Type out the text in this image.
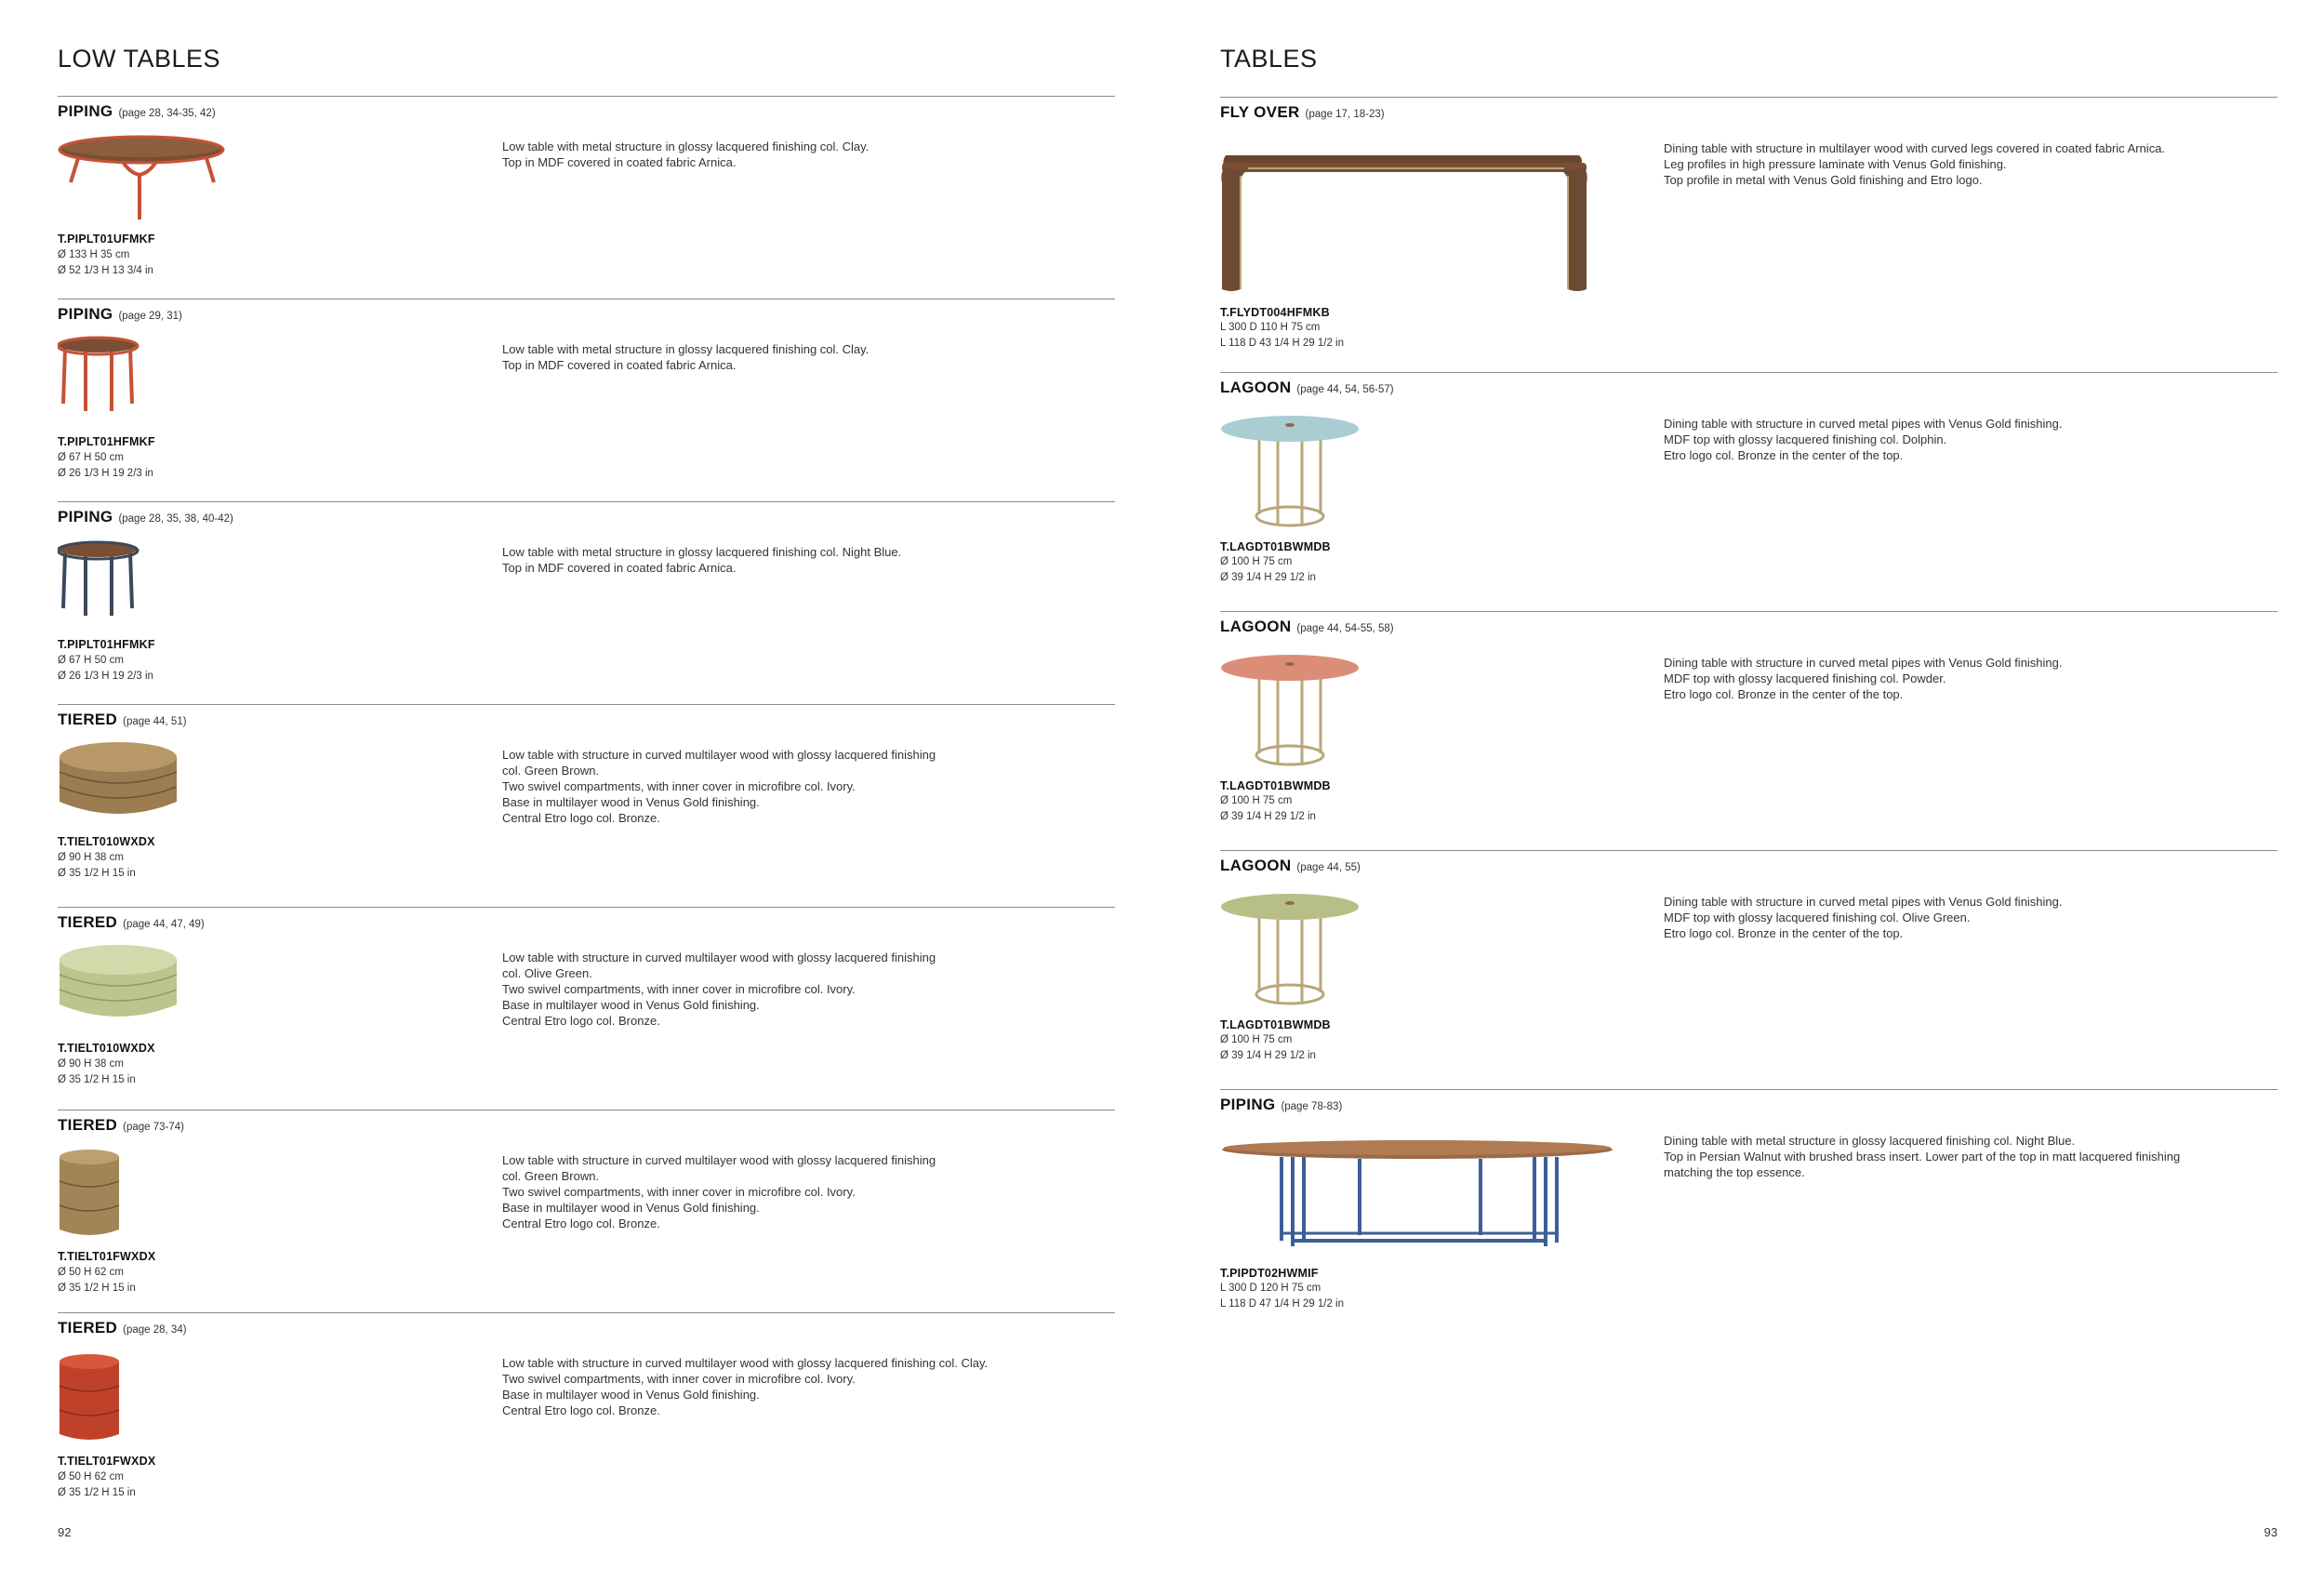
LOW TABLES
PIPING (page 28, 34-35, 42)
Low table with metal structure in glossy lacquered finishing col. Clay.
Top in MDF covered in coated fabric Arnica.
T.PIPLT01UFMKF
Ø 133 H 35 cm
Ø 52 1/3 H 13 3/4 in
PIPING (page 29, 31)
Low table with metal structure in glossy lacquered finishing col. Clay.
Top in MDF covered in coated fabric Arnica.
T.PIPLT01HFMKF
Ø 67 H 50 cm
Ø 26 1/3 H 19 2/3 in
PIPING (page 28, 35, 38, 40-42)
Low table with metal structure in glossy lacquered finishing col. Night Blue.
Top in MDF covered in coated fabric Arnica.
T.PIPLT01HFMKF
Ø 67 H 50 cm
Ø 26 1/3 H 19 2/3 in
TIERED (page 44, 51)
Low table with structure in curved multilayer wood with glossy lacquered finishing
col. Green Brown.
Two swivel compartments, with inner cover in microfibre col. Ivory.
Base in multilayer wood in Venus Gold finishing.
Central Etro logo col. Bronze.
T.TIELT010WXDX
Ø 90 H 38 cm
Ø 35 1/2 H 15 in
TIERED (page 44, 47, 49)
Low table with structure in curved multilayer wood with glossy lacquered finishing
col. Olive Green.
Two swivel compartments, with inner cover in microfibre col. Ivory.
Base in multilayer wood in Venus Gold finishing.
Central Etro logo col. Bronze.
T.TIELT010WXDX
Ø 90 H 38 cm
Ø 35 1/2 H 15 in
TIERED (page 73-74)
Low table with structure in curved multilayer wood with glossy lacquered finishing
col. Green Brown.
Two swivel compartments, with inner cover in microfibre col. Ivory.
Base in multilayer wood in Venus Gold finishing.
Central Etro logo col. Bronze.
T.TIELT01FWXDX
Ø 50 H 62 cm
Ø 35 1/2 H 15 in
TIERED (page 28, 34)
Low table with structure in curved multilayer wood with glossy lacquered finishing col. Clay.
Two swivel compartments, with inner cover in microfibre col. Ivory.
Base in multilayer wood in Venus Gold finishing.
Central Etro logo col. Bronze.
T.TIELT01FWXDX
Ø 50 H 62 cm
Ø 35 1/2 H 15 in
92
TABLES
FLY OVER (page 17, 18-23)
Dining table with structure in multilayer wood with curved legs covered in coated fabric Arnica.
Leg profiles in high pressure laminate with Venus Gold finishing.
Top profile in metal with Venus Gold finishing and Etro logo.
T.FLYDT004HFMKB
L 300 D 110 H 75 cm
L 118 D 43 1/4 H 29 1/2 in
LAGOON (page 44, 54, 56-57)
Dining table with structure in curved metal pipes with Venus Gold finishing.
MDF top with glossy lacquered finishing col. Dolphin.
Etro logo col. Bronze in the center of the top.
T.LAGDT01BWMDB
Ø 100 H 75 cm
Ø 39 1/4 H 29 1/2 in
LAGOON (page 44, 54-55, 58)
Dining table with structure in curved metal pipes with Venus Gold finishing.
MDF top with glossy lacquered finishing col. Powder.
Etro logo col. Bronze in the center of the top.
T.LAGDT01BWMDB
Ø 100 H 75 cm
Ø 39 1/4 H 29 1/2 in
LAGOON (page 44, 55)
Dining table with structure in curved metal pipes with Venus Gold finishing.
MDF top with glossy lacquered finishing col. Olive Green.
Etro logo col. Bronze in the center of the top.
T.LAGDT01BWMDB
Ø 100 H 75 cm
Ø 39 1/4 H 29 1/2 in
PIPING (page 78-83)
Dining table with metal structure in glossy lacquered finishing col. Night Blue.
Top in Persian Walnut with brushed brass insert. Lower part of the top in matt lacquered finishing
matching the top essence.
T.PIPDT02HWMIF
L 300 D 120 H 75 cm
L 118 D 47 1/4 H 29 1/2 in
93
